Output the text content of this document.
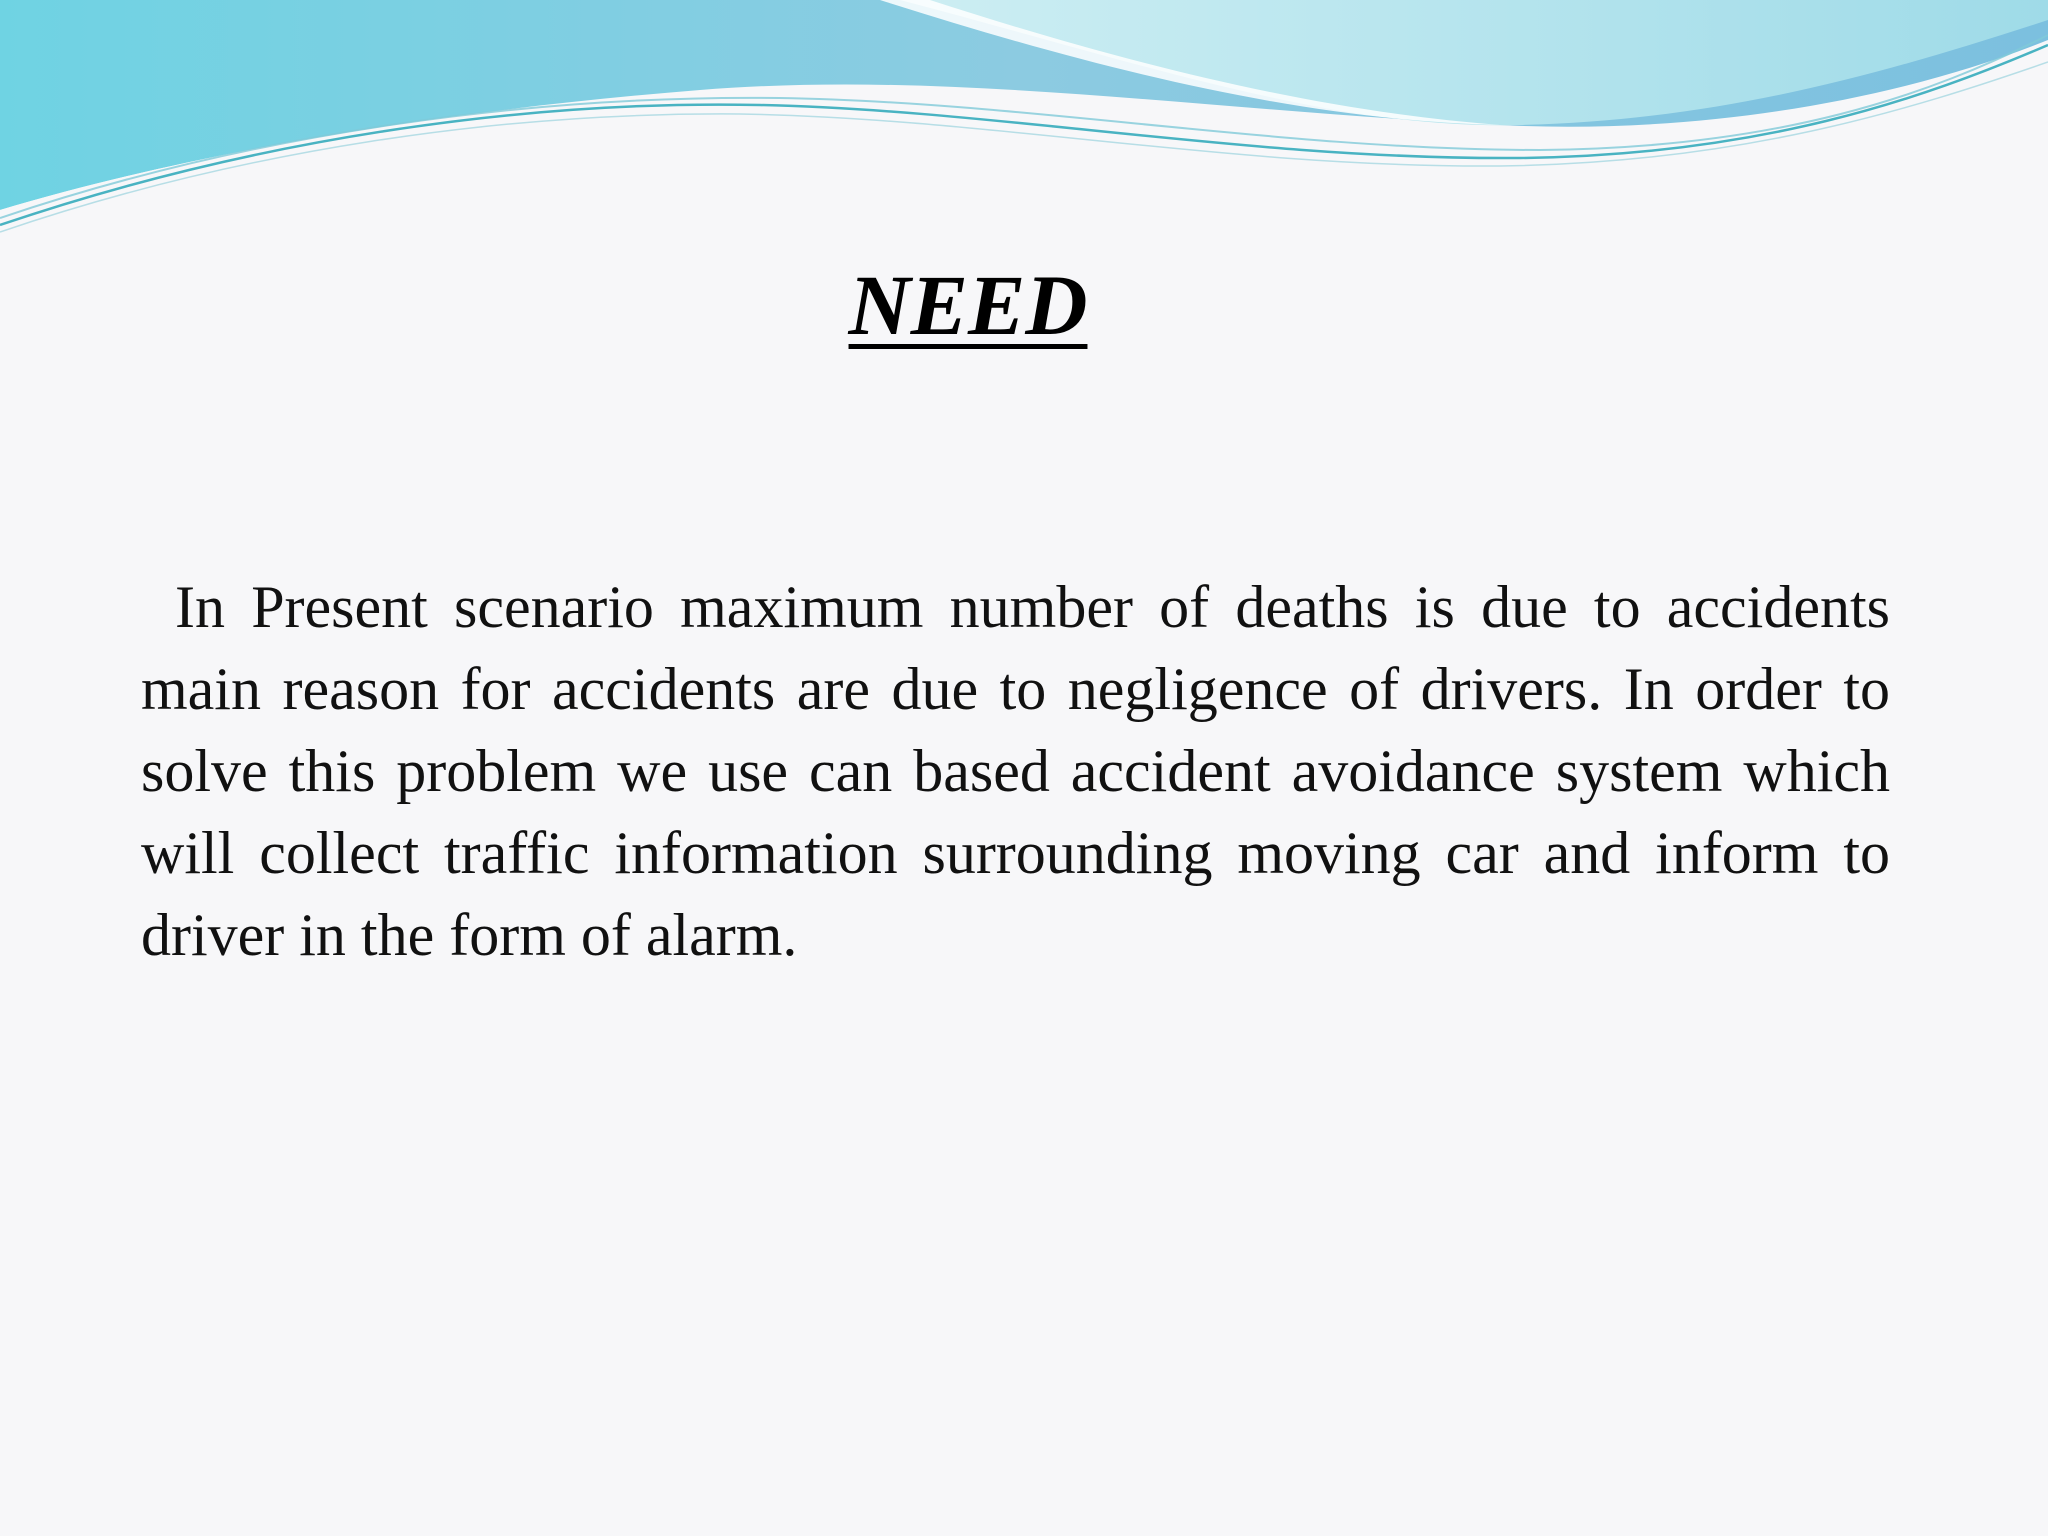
NEED

In Present scenario maximum number of deaths is due to accidents main reason for accidents are due to negligence of drivers. In order to solve this problem we use can based accident avoidance system which will collect traffic information surrounding moving car and inform to driver in the form of alarm.
